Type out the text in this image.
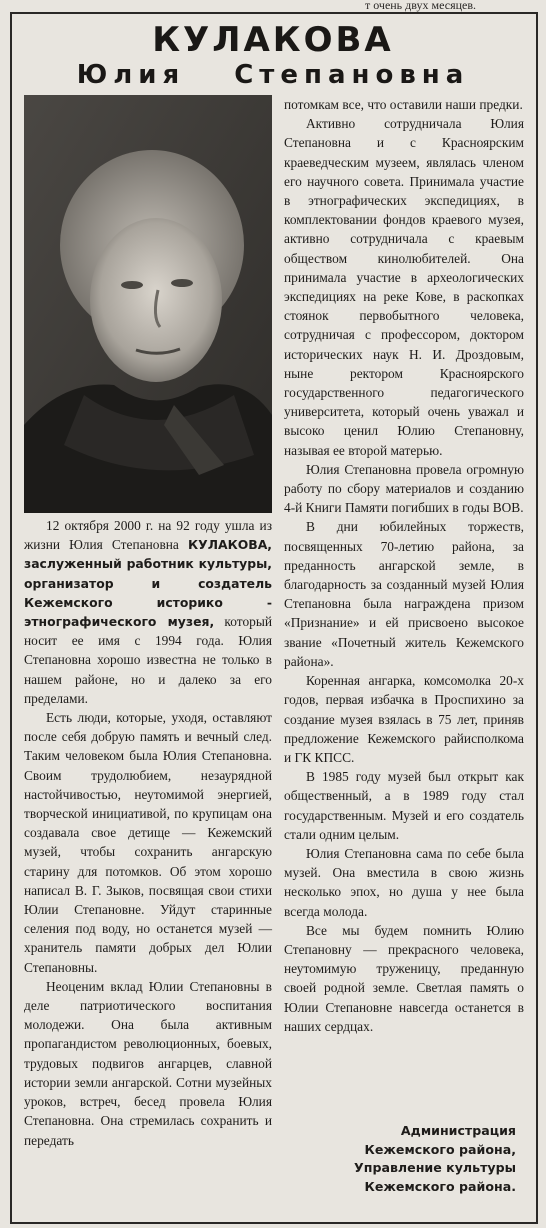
т очень двух месяцев.
КУЛАКОВА
Юлия Степановна

12 октября 2000 г. на 92 году ушла из жизни Юлия Степановна КУЛАКОВА, заслуженный работник культуры, организатор и создатель Кежемского историко - этнографического музея, который носит ее имя с 1994 года. Юлия Степановна хорошо известна не только в нашем районе, но и далеко за его пределами.

Есть люди, которые, уходя, оставляют после себя добрую память и вечный след. Таким человеком была Юлия Степановна. Своим трудолюбием, незаурядной настойчивостью, неутомимой энергией, творческой инициативой, по крупицам она создавала свое детище — Кежемский музей, чтобы сохранить ангарскую старину для потомков. Об этом хорошо написал В. Г. Зыков, посвящая свои стихи Юлии Степановне. Уйдут старинные селения под воду, но останется музей — хранитель памяти добрых дел Юлии Степановны.

Неоценим вклад Юлии Степановны в деле патриотического воспитания молодежи. Она была активным пропагандистом революционных, боевых, трудовых подвигов ангарцев, славной истории земли ангарской. Сотни музейных уроков, встреч, бесед провела Юлия Степановна. Она стремилась сохранить и передать

потомкам все, что оставили наши предки.

Активно сотрудничала Юлия Степановна и с Красноярским краеведческим музеем, являлась членом его научного совета. Принимала участие в этнографических экспедициях, в комплектовании фондов краевого музея, активно сотрудничала с краевым обществом кинолюбителей. Она принимала участие в археологических экспедициях на реке Кове, в раскопках стоянок первобытного человека, сотрудничая с профессором, доктором исторических наук Н. И. Дроздовым, ныне ректором Красноярского государственного педагогического университета, который очень уважал и высоко ценил Юлию Степановну, называя ее второй матерью.

Юлия Степановна провела огромную работу по сбору материалов и созданию 4-й Книги Памяти погибших в годы ВОВ.

В дни юбилейных торжеств, посвященных 70-летию района, за преданность ангарской земле, в благодарность за созданный музей Юлия Степановна была награждена призом «Признание» и ей присвоено высокое звание «Почетный житель Кежемского района».

Коренная ангарка, комсомолка 20-х годов, первая избачка в Проспихино за создание музея взялась в 75 лет, приняв предложение Кежемского райисполкома и ГК КПСС.

В 1985 году музей был открыт как общественный, а в 1989 году стал государственным. Музей и его создатель стали одним целым.

Юлия Степановна сама по себе была музей. Она вместила в свою жизнь несколько эпох, но душа у нее была всегда молода.

Все мы будем помнить Юлию Степановну — прекрасного человека, неутомимую труженицу, преданную своей родной земле. Светлая память о Юлии Степановне навсегда останется в наших сердцах.

Администрация
Кежемского района,
Управление культуры
Кежемского района.
